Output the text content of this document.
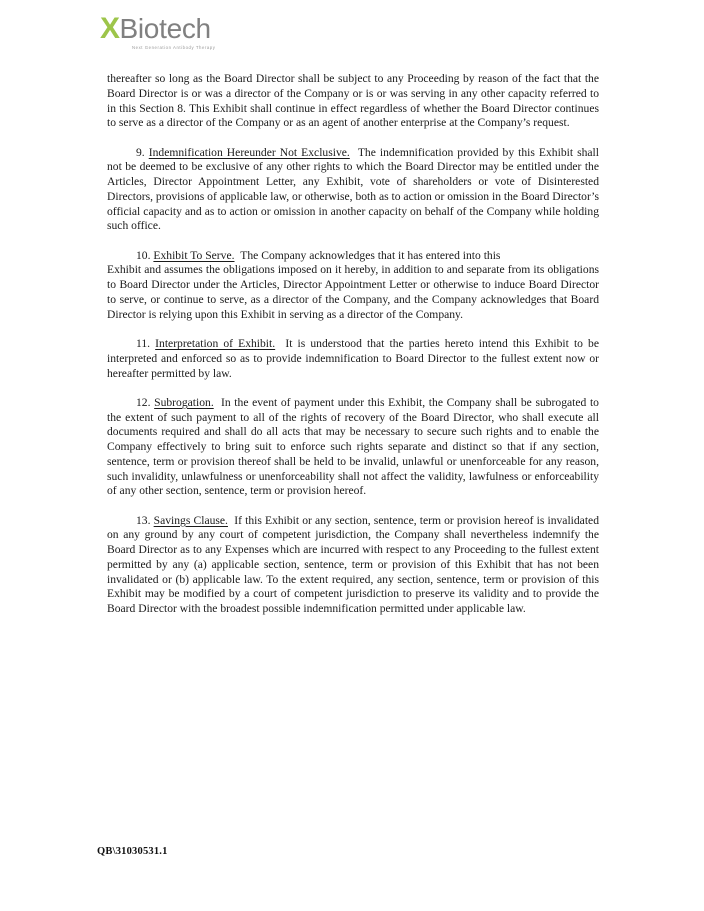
X Biotech
Next Generation Antibody Therapy

thereafter so long as the Board Director shall be subject to any Proceeding by reason of the fact that the Board Director is or was a director of the Company or is or was serving in any other capacity referred to in this Section 8. This Exhibit shall continue in effect regardless of whether the Board Director continues to serve as a director of the Company or as an agent of another enterprise at the Company’s request.

9. Indemnification Hereunder Not Exclusive. The indemnification provided by this Exhibit shall not be deemed to be exclusive of any other rights to which the Board Director may be entitled under the Articles, Director Appointment Letter, any Exhibit, vote of shareholders or vote of Disinterested Directors, provisions of applicable law, or otherwise, both as to action or omission in the Board Director’s official capacity and as to action or omission in another capacity on behalf of the Company while holding such office.

10. Exhibit To Serve. The Company acknowledges that it has entered into this
Exhibit and assumes the obligations imposed on it hereby, in addition to and separate from its obligations to Board Director under the Articles, Director Appointment Letter or otherwise to induce Board Director to serve, or continue to serve, as a director of the Company, and the Company acknowledges that Board Director is relying upon this Exhibit in serving as a director of the Company.

11. Interpretation of Exhibit. It is understood that the parties hereto intend this Exhibit to be interpreted and enforced so as to provide indemnification to Board Director to the fullest extent now or hereafter permitted by law.

12. Subrogation. In the event of payment under this Exhibit, the Company shall be subrogated to the extent of such payment to all of the rights of recovery of the Board Director, who shall execute all documents required and shall do all acts that may be necessary to secure such rights and to enable the Company effectively to bring suit to enforce such rights separate and distinct so that if any section, sentence, term or provision thereof shall be held to be invalid, unlawful or unenforceable for any reason, such invalidity, unlawfulness or unenforceability shall not affect the validity, lawfulness or enforceability of any other section, sentence, term or provision hereof.

13. Savings Clause. If this Exhibit or any section, sentence, term or provision hereof is invalidated on any ground by any court of competent jurisdiction, the Company shall nevertheless indemnify the Board Director as to any Expenses which are incurred with respect to any Proceeding to the fullest extent permitted by any (a) applicable section, sentence, term or provision of this Exhibit that has not been invalidated or (b) applicable law. To the extent required, any section, sentence, term or provision of this Exhibit may be modified by a court of competent jurisdiction to preserve its validity and to provide the Board Director with the broadest possible indemnification permitted under applicable law.

QB\31030531.1
